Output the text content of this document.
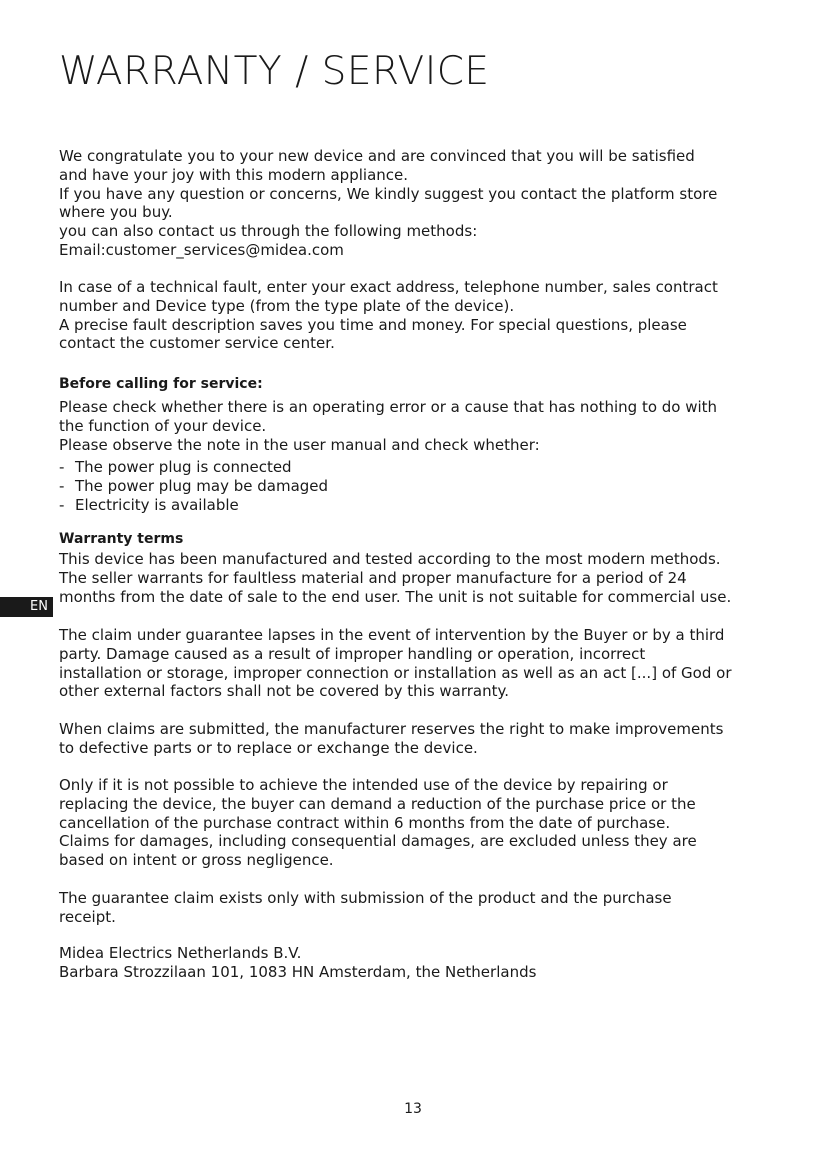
WARRANTY / SERVICE

We congratulate you to your new device and are convinced that you will be satisfied

and have your joy with this modern appliance.

If you have any question or concerns, We kindly suggest you contact the platform store

where you buy.

you can also contact us through the following methods:

Email:customer_services@midea.com

In case of a technical fault, enter your exact address, telephone number, sales contract

number and Device type (from the type plate of the device).

A precise fault description saves you time and money. For special questions, please

contact the customer service center.

Before calling for service:

Please check whether there is an operating error or a cause that has nothing to do with

the function of your device.

Please observe the note in the user manual and check whether:

- The power plug is connected
- The power plug may be damaged
- Electricity is available
Warranty terms

This device has been manufactured and tested according to the most modern methods.

The seller warrants for faultless material and proper manufacture for a period of 24

months from the date of sale to the end user. The unit is not suitable for commercial use.

EN

The claim under guarantee lapses in the event of intervention by the Buyer or by a third

party. Damage caused as a result of improper handling or operation, incorrect

installation or storage, improper connection or installation as well as an act [...] of God or

other external factors shall not be covered by this warranty.

When claims are submitted, the manufacturer reserves the right to make improvements

to defective parts or to replace or exchange the device.

Only if it is not possible to achieve the intended use of the device by repairing or

replacing the device, the buyer can demand a reduction of the purchase price or the

cancellation of the purchase contract within 6 months from the date of purchase.

Claims for damages, including consequential damages, are excluded unless they are

based on intent or gross negligence.

The guarantee claim exists only with submission of the product and the purchase

receipt.

Midea Electrics Netherlands B.V.

Barbara Strozzilaan 101, 1083 HN Amsterdam, the Netherlands

13
